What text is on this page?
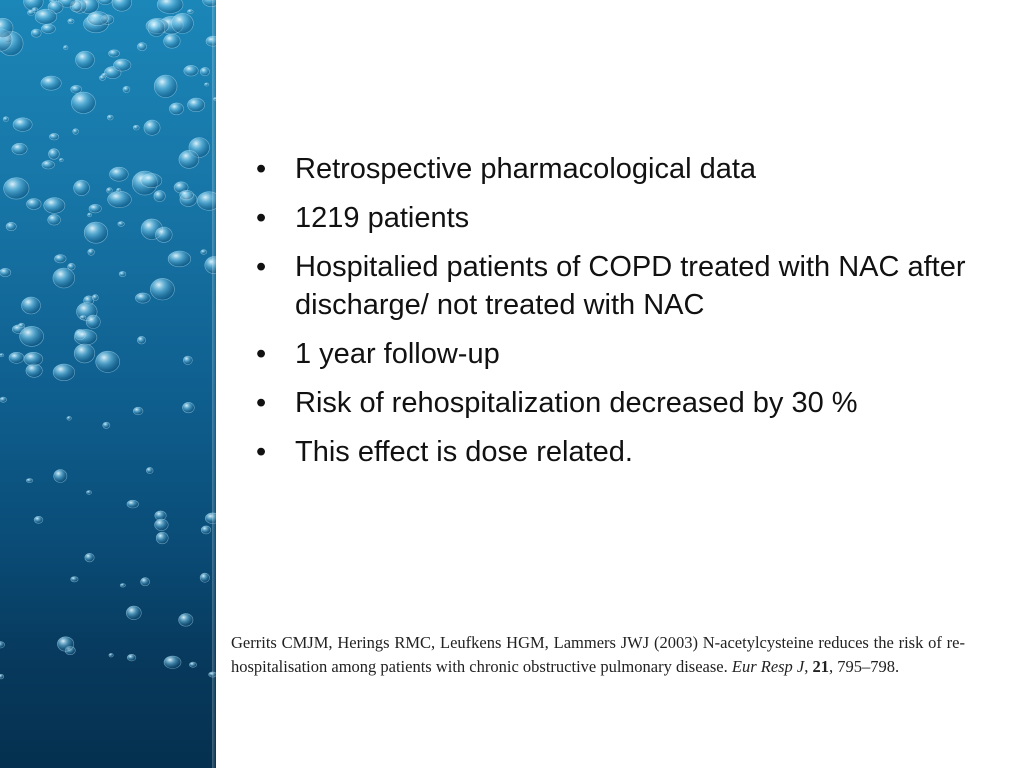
• Retrospective pharmacological data
• 1219 patients
• Hospitalied patients of COPD treated with NAC after discharge/ not treated with NAC
• 1 year follow-up
• Risk of rehospitalization decreased by 30 %
• This effect is dose related.
Gerrits CMJM, Herings RMC, Leufkens HGM, Lammers JWJ (2003) N-acetylcysteine reduces the risk of re-hospitalisation among patients with chronic obstructive pulmonary disease. Eur Resp J, 21, 795–798.
